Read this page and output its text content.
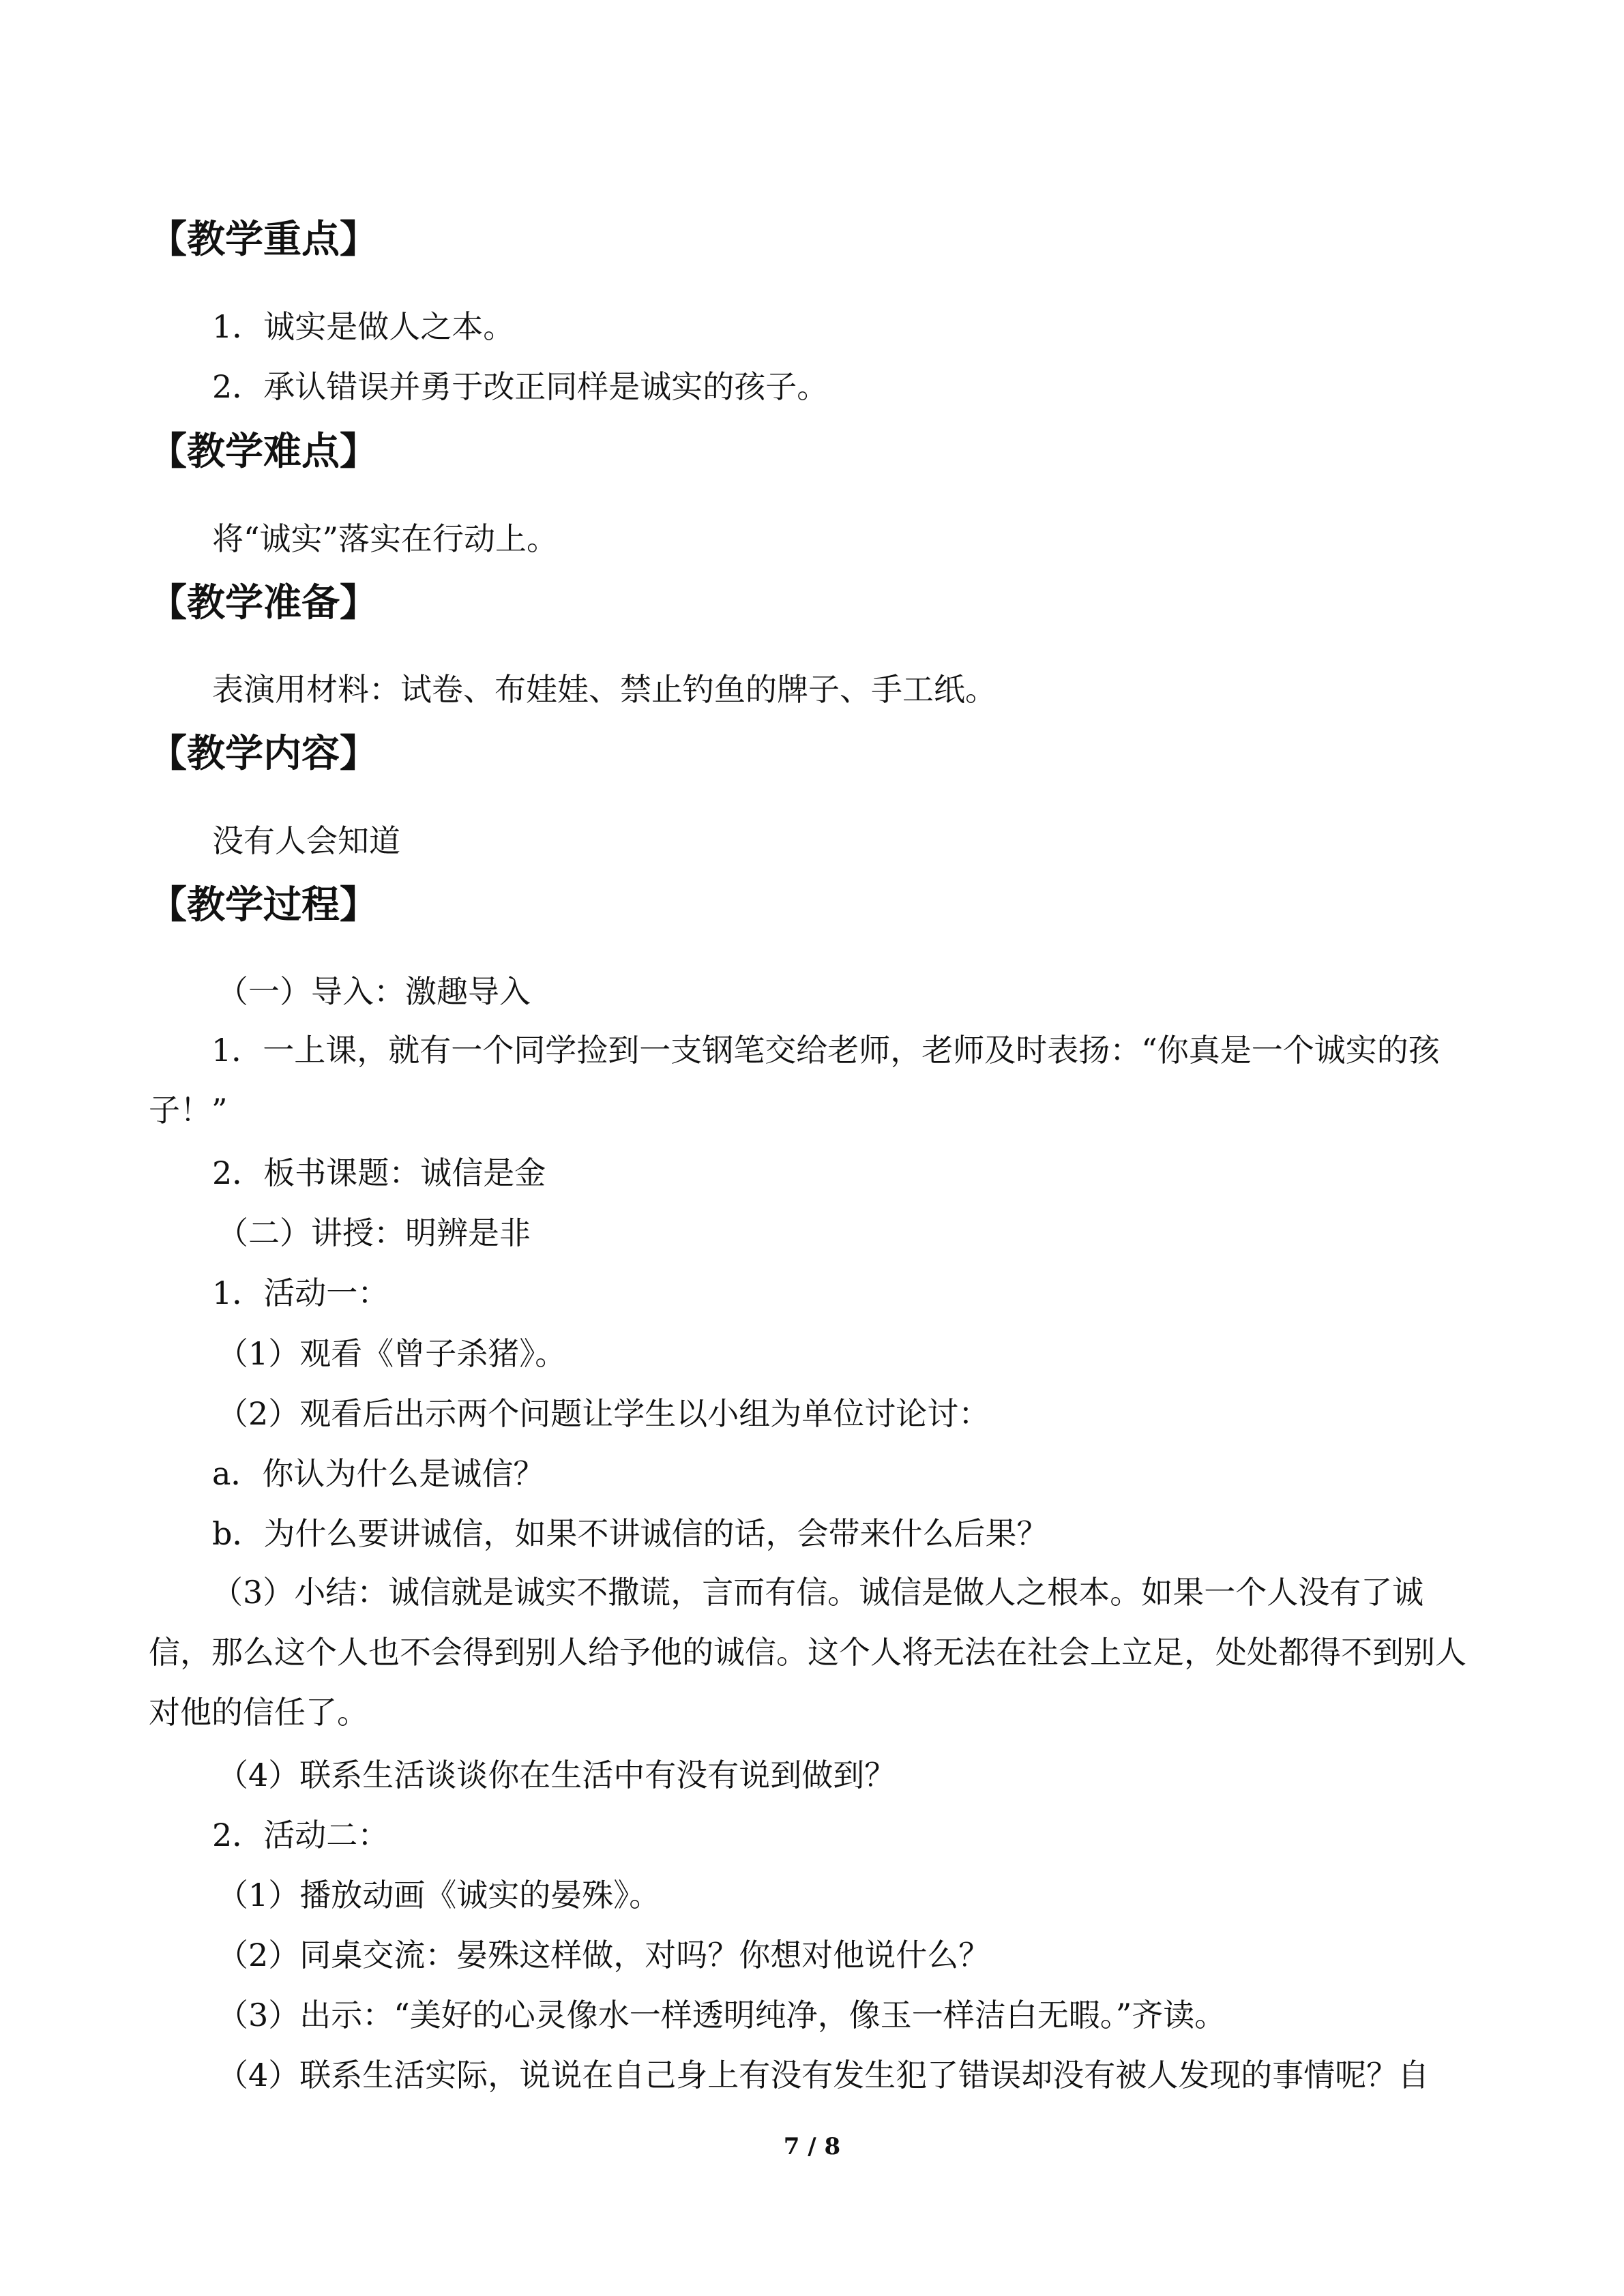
【教学重点】
1．诚实是做人之本。
2．承认错误并勇于改正同样是诚实的孩子。
【教学难点】
将“诚实”落实在行动上。
【教学准备】
表演用材料：试卷、布娃娃、禁止钓鱼的牌子、手工纸。
【教学内容】
没有人会知道
【教学过程】
（一）导入：激趣导入
1．一上课，就有一个同学捡到一支钢笔交给老师，老师及时表扬：“你真是一个诚实的孩子！”
2．板书课题：诚信是金
（二）讲授：明辨是非
1．活动一：
（1）观看《曾子杀猪》。
（2）观看后出示两个问题让学生以小组为单位讨论讨：
a．你认为什么是诚信？
b．为什么要讲诚信，如果不讲诚信的话，会带来什么后果？
（3）小结：诚信就是诚实不撒谎，言而有信。诚信是做人之根本。如果一个人没有了诚信，那么这个人也不会得到别人给予他的诚信。这个人将无法在社会上立足，处处都得不到别人对他的信任了。
（4）联系生活谈谈你在生活中有没有说到做到？
2．活动二：
（1）播放动画《诚实的晏殊》。
（2）同桌交流：晏殊这样做，对吗？你想对他说什么？
（3）出示：“美好的心灵像水一样透明纯净，像玉一样洁白无暇。”齐读。
（4）联系生活实际，说说在自己身上有没有发生犯了错误却没有被人发现的事情呢？自
7 / 8
